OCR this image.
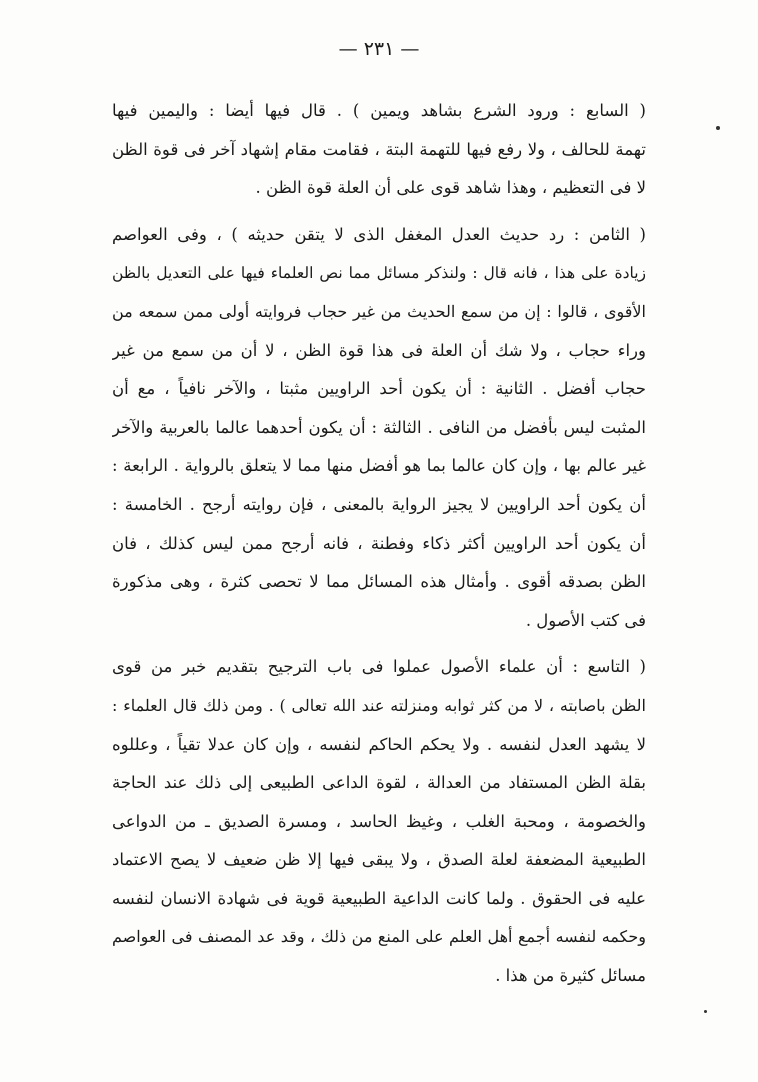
— ٢٣١ —
( السابع : ورود الشرع بشاهد ويمين ) . قال فيها أيضا : واليمين فيها
تهمة للحالف ، ولا رفع فيها للتهمة البتة ، فقامت مقام إشهاد آخر فى قوة الظن
لا فى التعظيم ، وهذا شاهد قوى على أن العلة قوة الظن .
( الثامن : رد حديث العدل المغفل الذى لا يتقن حديثه ) ، وفى العواصم
زيادة على هذا ، فانه قال : ولنذكر مسائل مما نص العلماء فيها على التعديل بالظن
الأقوى ، قالوا : إن من سمع الحديث من غير حجاب فروايته أولى ممن سمعه من
وراء حجاب ، ولا شك أن العلة فى هذا قوة الظن ، لا أن من سمع من غير
حجاب أفضل . الثانية : أن يكون أحد الراويين مثبتا ، والآخر نافياً ، مع أن
المثبت ليس بأفضل من النافى . الثالثة : أن يكون أحدهما عالما بالعربية والآخر
غير عالم بها ، وإن كان عالما بما هو أفضل منها مما لا يتعلق بالرواية . الرابعة :
أن يكون أحد الراويين لا يجيز الرواية بالمعنى ، فإن روايته أرجح . الخامسة :
أن يكون أحد الراويين أكثر ذكاء وفطنة ، فانه أرجح ممن ليس كذلك ، فان
الظن بصدقه أقوى . وأمثال هذه المسائل مما لا تحصى كثرة ، وهى مذكورة
فى كتب الأصول .
( التاسع : أن علماء الأصول عملوا فى باب الترجيح بتقديم خبر من قوى
الظن باصابته ، لا من كثر ثوابه ومنزلته عند الله تعالى ) . ومن ذلك قال العلماء :
لا يشهد العدل لنفسه . ولا يحكم الحاكم لنفسه ، وإن كان عدلا تقياً ، وعللوه
بقلة الظن المستفاد من العدالة ، لقوة الداعى الطبيعى إلى ذلك عند الحاجة
والخصومة ، ومحبة الغلب ، وغيظ الحاسد ، ومسرة الصديق ـ من الدواعى
الطبيعية المضعفة لعلة الصدق ، ولا يبقى فيها إلا ظن ضعيف لا يصح الاعتماد
عليه فى الحقوق . ولما كانت الداعية الطبيعية قوية فى شهادة الانسان لنفسه
وحكمه لنفسه أجمع أهل العلم على المنع من ذلك ، وقد عد المصنف فى العواصم
مسائل كثيرة من هذا .
